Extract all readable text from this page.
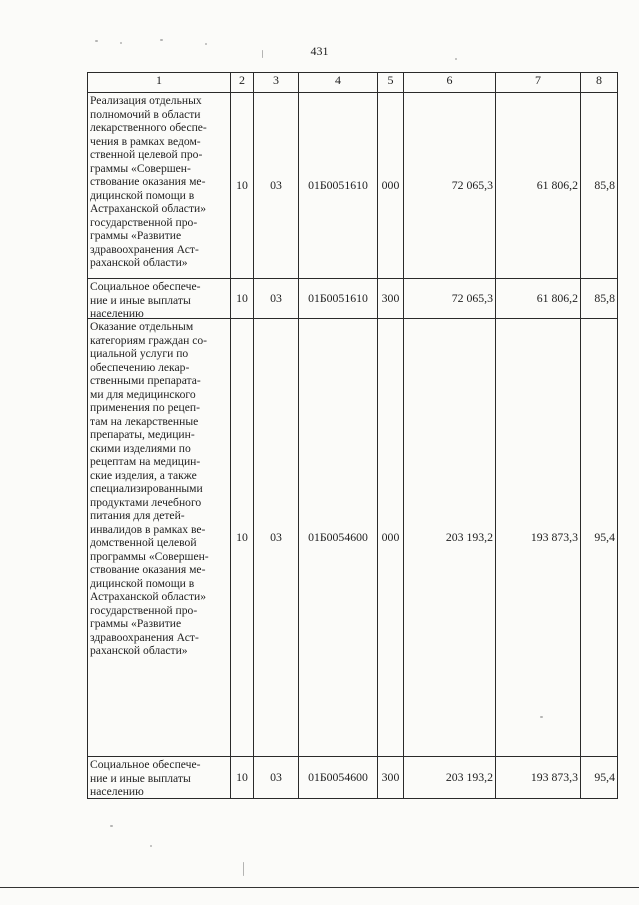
431
1	2	3	4	5	6	7	8
Реализация отдельных
полномочий в области
лекарственного обеспе-
чения в рамках ведом-
ственной целевой про-
граммы «Совершен-
ствование оказания ме-
дицинской помощи в
Астраханской области»
государственной про-
граммы «Развитие
здравоохранения Аст-
раханской области»
10	03	01Б0051610	000	72 065,3	61 806,2	85,8
Социальное обеспече-
ние и иные выплаты
населению
10	03	01Б0051610	300	72 065,3	61 806,2	85,8
Оказание отдельным
категориям граждан со-
циальной услуги по
обеспечению лекар-
ственными препарата-
ми для медицинского
применения по рецеп-
там на лекарственные
препараты, медицин-
скими изделиями по
рецептам на медицин-
ские изделия, а также
специализированными
продуктами лечебного
питания для детей-
инвалидов в рамках ве-
домственной целевой
программы «Совершен-
ствование оказания ме-
дицинской помощи в
Астраханской области»
государственной про-
граммы «Развитие
здравоохранения Аст-
раханской области»
10	03	01Б0054600	000	203 193,2	193 873,3	95,4
Социальное обеспече-
ние и иные выплаты
населению
10	03	01Б0054600	300	203 193,2	193 873,3	95,4
